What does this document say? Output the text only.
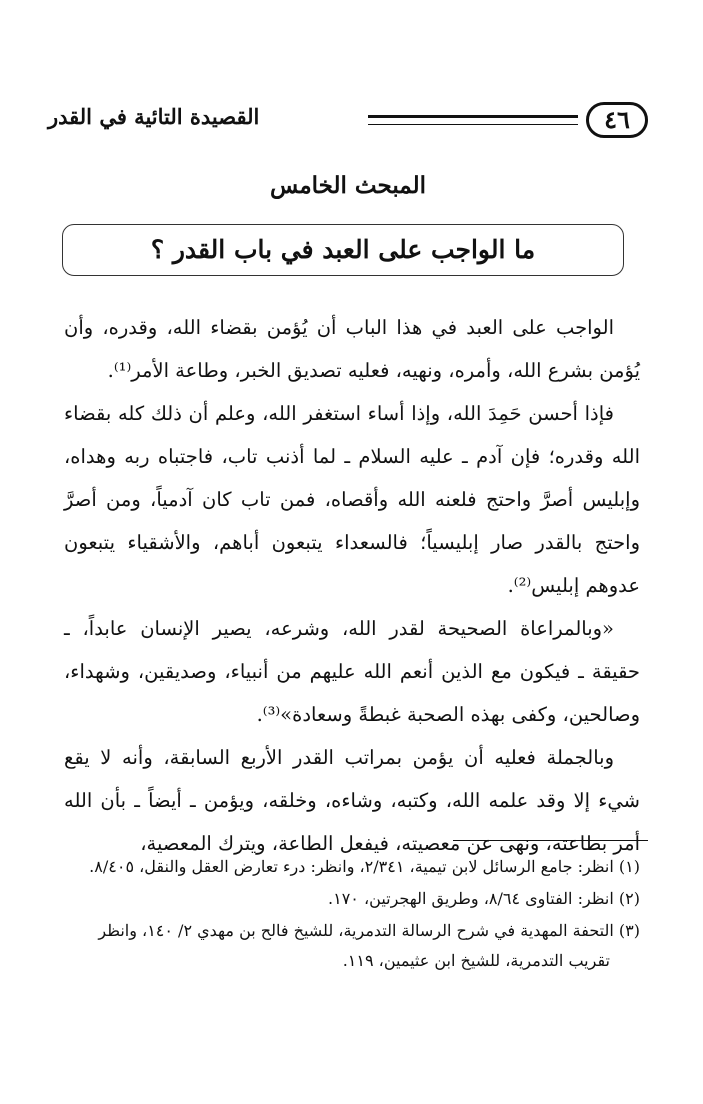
٤٦
القصيدة التائية في القدر
المبحث الخامس
ما الواجب على العبد في باب القدر ؟

الواجب على العبد في هذا الباب أن يُؤمن بقضاء الله، وقدره، وأن يُؤمن بشرع الله، وأمره، ونهيه، فعليه تصديق الخبر، وطاعة الأمر⁽¹⁾.

فإذا أحسن حَمِدَ الله، وإذا أساء استغفر الله، وعلم أن ذلك كله بقضاء الله وقدره؛ فإن آدم ـ عليه السلام ـ لما أذنب تاب، فاجتباه ربه وهداه، وإبليس أصرَّ واحتج فلعنه الله وأقصاه، فمن تاب كان آدمياً، ومن أصرَّ واحتج بالقدر صار إبليسياً؛ فالسعداء يتبعون أباهم، والأشقياء يتبعون عدوهم إبليس⁽²⁾.

«وبالمراعاة الصحيحة لقدر الله، وشرعه، يصير الإنسان عابداً، ـ حقيقة ـ فيكون مع الذين أنعم الله عليهم من أنبياء، وصديقين، وشهداء، وصالحين، وكفى بهذه الصحبة غبطةً وسعادة»⁽³⁾.

وبالجملة فعليه أن يؤمن بمراتب القدر الأربع السابقة، وأنه لا يقع شيء إلا وقد علمه الله، وكتبه، وشاءه، وخلقه، ويؤمن ـ أيضاً ـ بأن الله أمر بطاعته، ونهى عن معصيته، فيفعل الطاعة، ويترك المعصية،

(١) انظر: جامع الرسائل لابن تيمية، ٢/٣٤١، وانظر: درء تعارض العقل والنقل، ٨/٤٠٥.

(٢) انظر: الفتاوى ٨/٦٤، وطريق الهجرتين، ١٧٠.

(٣) التحفة المهدية في شرح الرسالة التدمرية، للشيخ فالح بن مهدي ٢/ ١٤٠، وانظر تقريب التدمرية، للشيخ ابن عثيمين، ١١٩.
